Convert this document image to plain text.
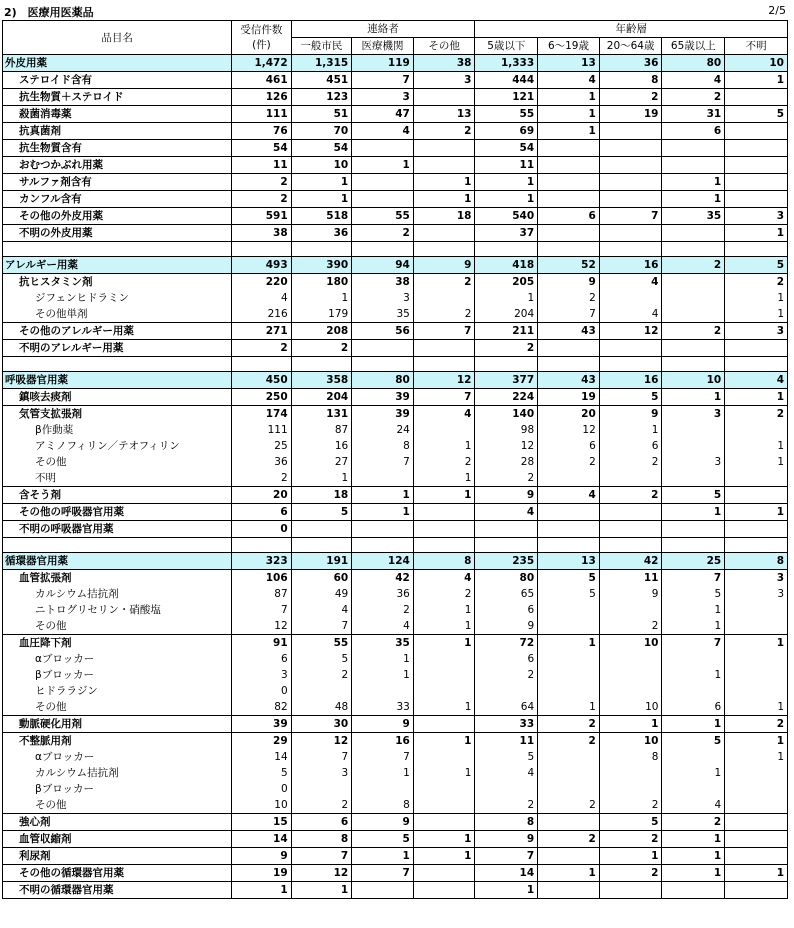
2)　医療用医薬品	2/5
品目名	受信件数
(件)	連絡者			年齢層				
		一般市民	医療機関	その他	5歳以下	6～19歳	20～64歳	65歳以上	不明
外皮用薬	1,472	1,315	119	38	1,333	13	36	80	10
ステロイド含有	461	451	7	3	444	4	8	4	1
抗生物質＋ステロイド	126	123	3		121	1	2	2	
殺菌消毒薬	111	51	47	13	55	1	19	31	5
抗真菌剤	76	70	4	2	69	1		6	
抗生物質含有	54	54			54				
おむつかぶれ用薬	11	10	1		11				
サルファ剤含有	2	1		1	1			1	
カンフル含有	2	1		1	1			1	
その他の外皮用薬	591	518	55	18	540	6	7	35	3
不明の外皮用薬	38	36	2		37				1

アレルギー用薬	493	390	94	9	418	52	16	2	5
抗ヒスタミン剤	220	180	38	2	205	9	4		2
ジフェンヒドラミン	4	1	3		1	2			1
その他単剤	216	179	35	2	204	7	4		1
その他のアレルギー用薬	271	208	56	7	211	43	12	2	3
不明のアレルギー用薬	2	2			2				

呼吸器官用薬	450	358	80	12	377	43	16	10	4
鎮咳去痰剤	250	204	39	7	224	19	5	1	1
気管支拡張剤	174	131	39	4	140	20	9	3	2
β作動薬	111	87	24		98	12	1		
アミノフィリン／テオフィリン	25	16	8	1	12	6	6		1
その他	36	27	7	2	28	2	2	3	1
不明	2	1		1	2				
含そう剤	20	18	1	1	9	4	2	5	
その他の呼吸器官用薬	6	5	1		4			1	1
不明の呼吸器官用薬	0								

循環器官用薬	323	191	124	8	235	13	42	25	8
血管拡張剤	106	60	42	4	80	5	11	7	3
カルシウム拮抗剤	87	49	36	2	65	5	9	5	3
ニトログリセリン・硝酸塩	7	4	2	1	6			1	
その他	12	7	4	1	9		2	1	
血圧降下剤	91	55	35	1	72	1	10	7	1
αブロッカー	6	5	1		6				
βブロッカー	3	2	1		2			1	
ヒドララジン	0								
その他	82	48	33	1	64	1	10	6	1
動脈硬化用剤	39	30	9		33	2	1	1	2
不整脈用剤	29	12	16	1	11	2	10	5	1
αブロッカー	14	7	7		5		8		1
カルシウム拮抗剤	5	3	1	1	4			1	
βブロッカー	0								
その他	10	2	8		2	2	2	4	
強心剤	15	6	9		8		5	2	
血管収縮剤	14	8	5	1	9	2	2	1	
利尿剤	9	7	1	1	7		1	1	
その他の循環器官用薬	19	12	7		14	1	2	1	1
不明の循環器官用薬	1	1			1				
